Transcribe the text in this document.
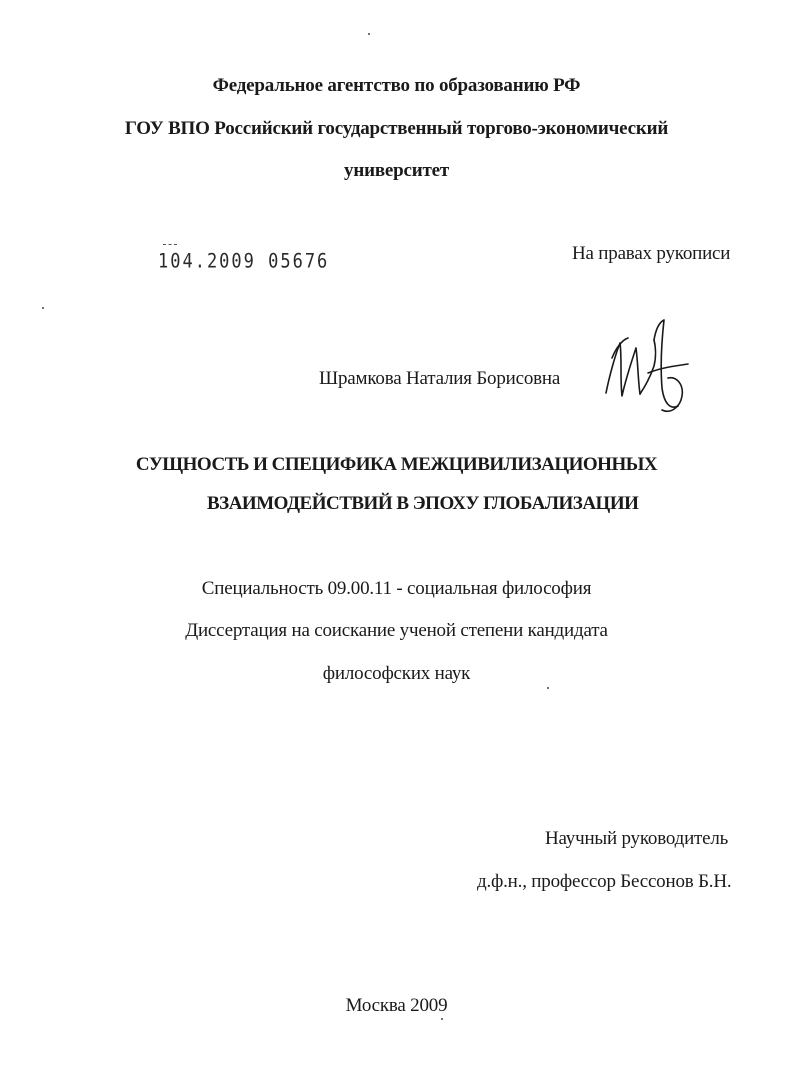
Федеральное агентство по образованию РФ
ГОУ ВПО Российский государственный торгово-экономический
университет
104.2009 05676	На правах рукописи
Шрамкова Наталия Борисовна
СУЩНОСТЬ И СПЕЦИФИКА МЕЖЦИВИЛИЗАЦИОННЫХ
ВЗАИМОДЕЙСТВИЙ В ЭПОХУ ГЛОБАЛИЗАЦИИ
Специальность 09.00.11 - социальная философия
Диссертация на соискание ученой степени кандидата
философских наук
Научный руководитель
д.ф.н., профессор Бессонов Б.Н.
Москва 2009
